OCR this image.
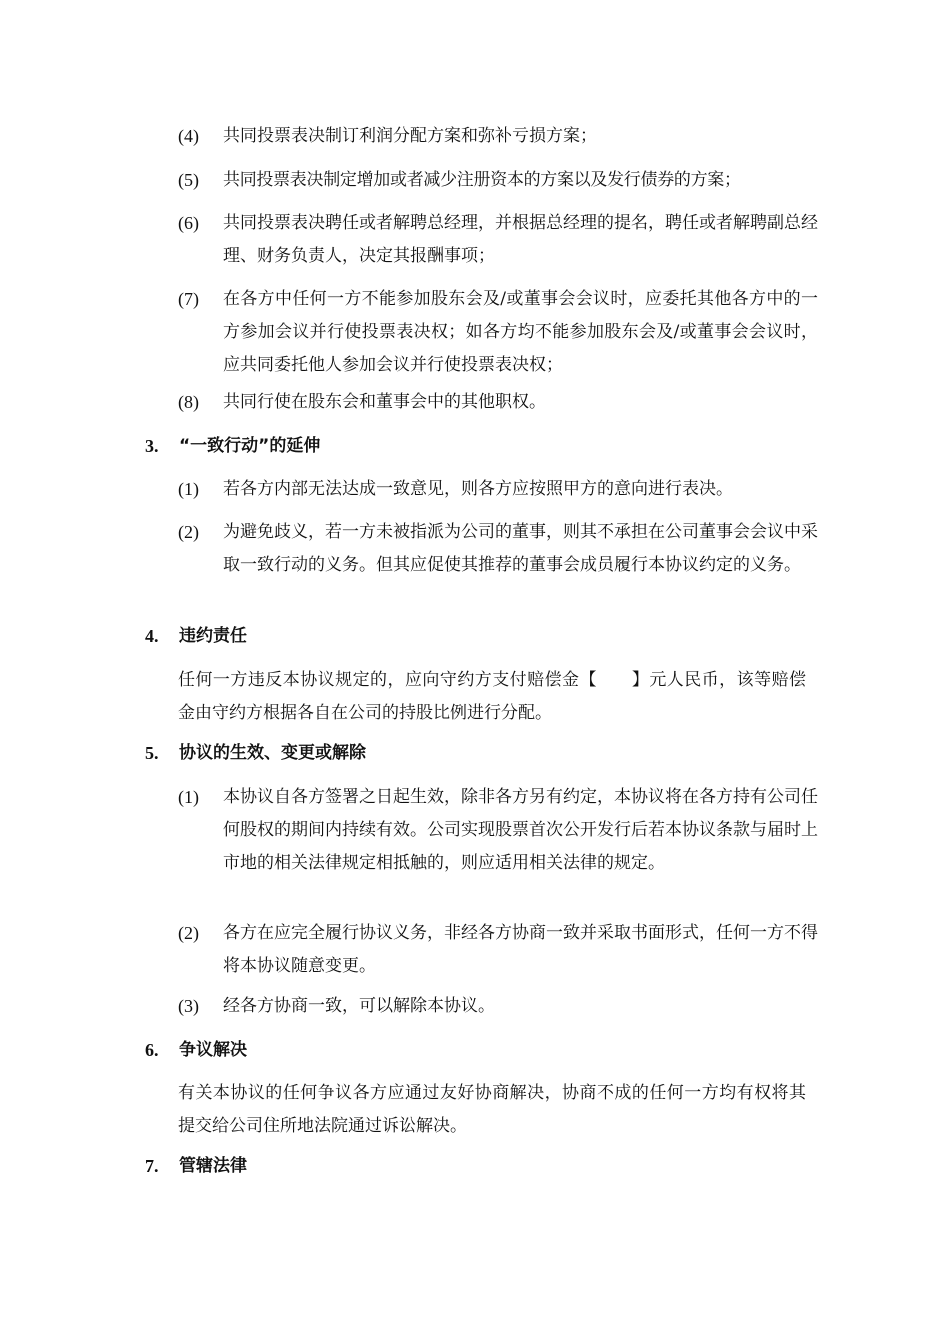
(4)	共同投票表决制订利润分配方案和弥补亏损方案；
(5)	共同投票表决制定增加或者减少注册资本的方案以及发行债券的方案；
(6)	共同投票表决聘任或者解聘总经理，并根据总经理的提名，聘任或者解聘副总经理、财务负责人，决定其报酬事项；
(7)	在各方中任何一方不能参加股东会及/或董事会会议时，应委托其他各方中的一方参加会议并行使投票表决权；如各方均不能参加股东会及/或董事会会议时，应共同委托他人参加会议并行使投票表决权；
(8)	共同行使在股东会和董事会中的其他职权。
3.	“一致行动”的延伸
(1)	若各方内部无法达成一致意见，则各方应按照甲方的意向进行表决。
(2)	为避免歧义，若一方未被指派为公司的董事，则其不承担在公司董事会会议中采取一致行动的义务。但其应促使其推荐的董事会成员履行本协议约定的义务。
4.	违约责任
任何一方违反本协议规定的，应向守约方支付赔偿金【　　】元人民币，该等赔偿金由守约方根据各自在公司的持股比例进行分配。
5.	协议的生效、变更或解除
(1)	本协议自各方签署之日起生效，除非各方另有约定，本协议将在各方持有公司任何股权的期间内持续有效。公司实现股票首次公开发行后若本协议条款与届时上市地的相关法律规定相抵触的，则应适用相关法律的规定。
(2)	各方在应完全履行协议义务，非经各方协商一致并采取书面形式，任何一方不得将本协议随意变更。
(3)	经各方协商一致，可以解除本协议。
6.	争议解决
有关本协议的任何争议各方应通过友好协商解决，协商不成的任何一方均有权将其提交给公司住所地法院通过诉讼解决。
7.	管辖法律
